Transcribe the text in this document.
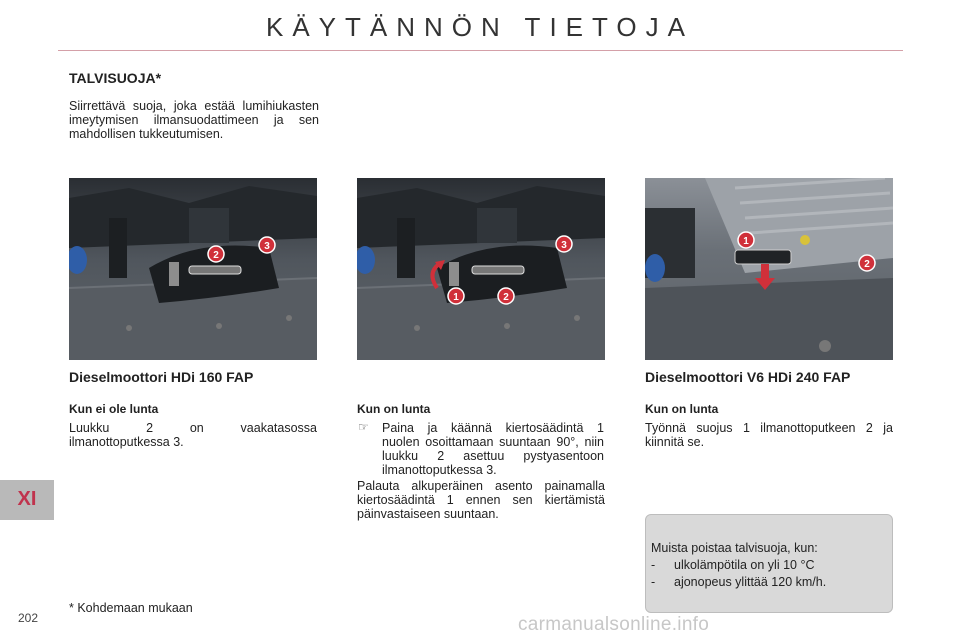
KÄYTÄNNÖN TIETOJA
TALVISUOJA*
Siirrettävä suoja, joka estää lumihiukasten imeytymisen ilmansuodattimeen ja sen mahdollisen tukkeutumisen.
2
3
1	2
3	1
2
Dieselmoottori HDi 160 FAP	Dieselmoottori V6 HDi 240 FAP
Kun ei ole lunta
Luukku 2 on vaakatasossa ilmanottoputkessa 3.
Kun on lunta
☞ Paina ja käännä kiertosäädintä 1 nuolen osoittamaan suuntaan 90°, niin luukku 2 asettuu pystyasentoon ilmanottoputkessa 3.
Palauta alkuperäinen asento painamalla kiertosäädintä 1 ennen sen kiertämistä päinvastaiseen suuntaan.
Kun on lunta
Työnnä suojus 1 ilmanottoputkeen 2 ja kiinnitä se.
Muista poistaa talvisuoja, kun:
- ulkolämpötila on yli 10 °C
- ajonopeus ylittää 120 km/h.
XI
* Kohdemaan mukaan
202	carmanualsonline.info
